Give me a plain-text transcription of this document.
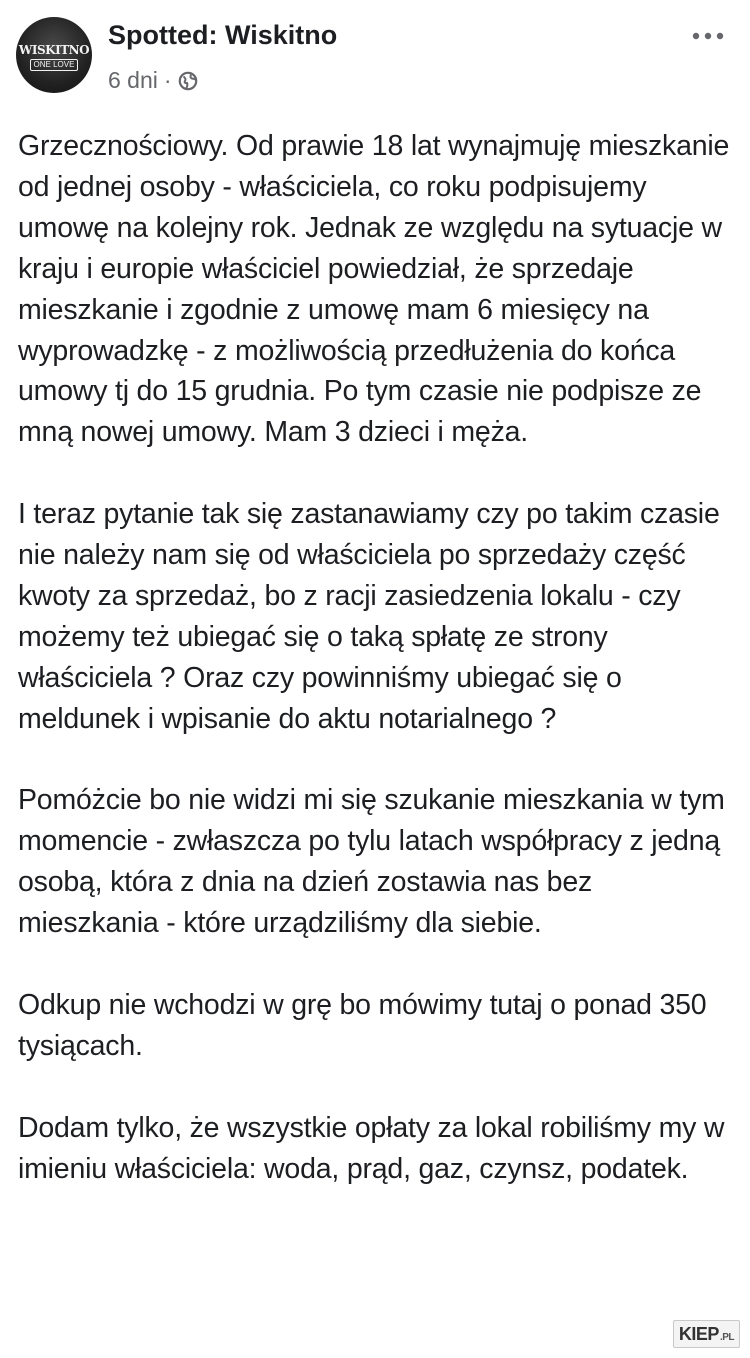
WISKITNO
ONE LOVE
Spotted: Wiskitno
6 dni ·

Grzecznościowy. Od prawie 18 lat wynajmuję mieszkanie od jednej osoby - właściciela, co roku podpisujemy umowę na kolejny rok. Jednak ze względu na sytuacje w kraju i europie właściciel powiedział, że sprzedaje mieszkanie i zgodnie z umowę mam 6 miesięcy na wyprowadzkę - z możliwością przedłużenia do końca umowy tj do 15 grudnia. Po tym czasie nie podpisze ze mną nowej umowy. Mam 3 dzieci i męża.

I teraz pytanie tak się zastanawiamy czy po takim czasie nie należy nam się od właściciela po sprzedaży część kwoty za sprzedaż, bo z racji zasiedzenia lokalu - czy możemy też ubiegać się o taką spłatę ze strony właściciela ? Oraz czy powinniśmy ubiegać się o meldunek i wpisanie do aktu notarialnego ?

Pomóżcie bo nie widzi mi się szukanie mieszkania w tym momencie - zwłaszcza po tylu latach współpracy z jedną osobą, która z dnia na dzień zostawia nas bez mieszkania - które urządziliśmy dla siebie.

Odkup nie wchodzi w grę bo mówimy tutaj o ponad 350 tysiącach.

Dodam tylko, że wszystkie opłaty za lokal robiliśmy my w imieniu właściciela: woda, prąd, gaz, czynsz, podatek.

KIEP .PL
